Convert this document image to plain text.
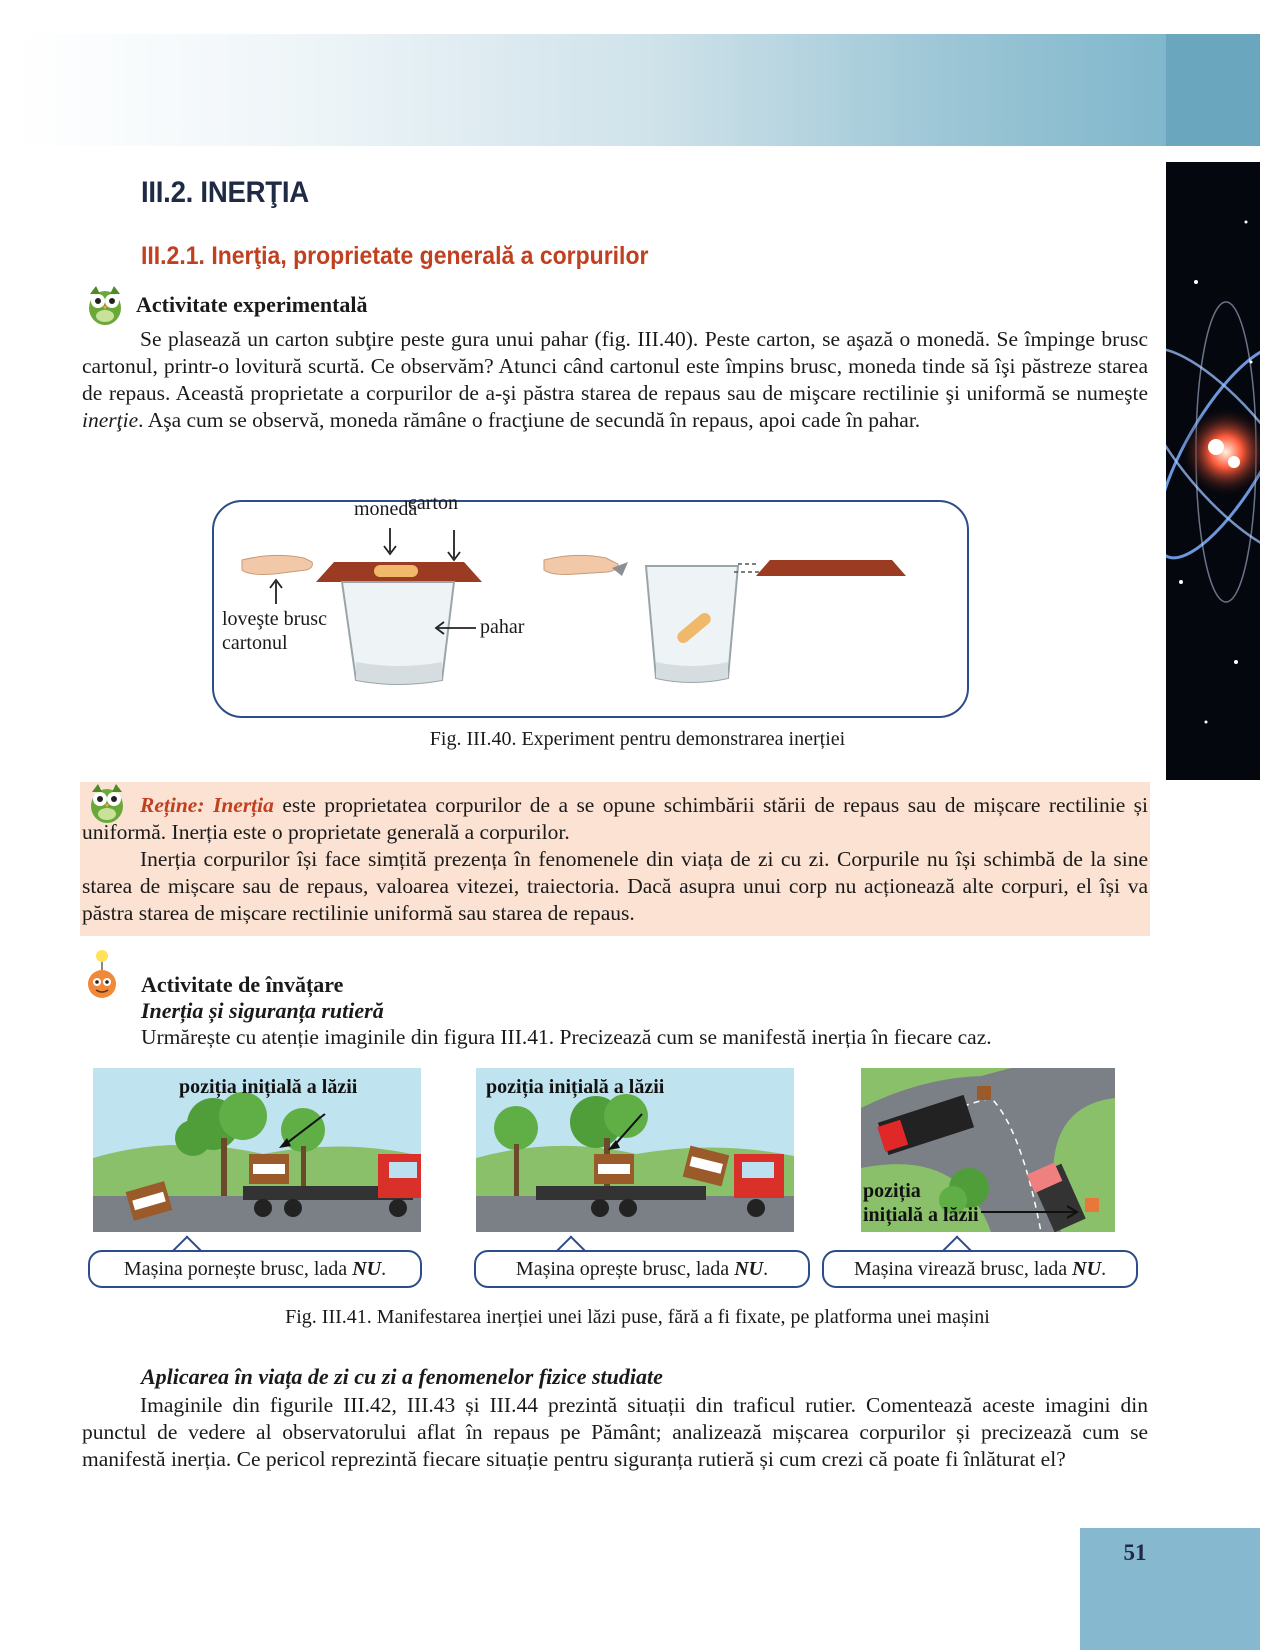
III.2. INERŢIA
III.2.1. Inerţia, proprietate generală a corpurilor
Activitate experimentală
Se plasează un carton subţire peste gura unui pahar (fig. III.40). Peste carton, se aşază o monedă. Se împinge brusc cartonul, printr-o lovitură scurtă. Ce observăm? Atunci când cartonul este împins brusc, moneda tinde să îşi păstreze starea de repaus. Această proprietate a corpurilor de a-şi păstra starea de repaus sau de mişcare rectilinie şi uniformă se numeşte inerţie. Aşa cum se observă, moneda rămâne o fracţiune de secundă în repaus, apoi cade în pahar.
monedă
carton
loveşte brusc
cartonul
pahar
Fig. III.40. Experiment pentru demonstrarea inerției
Reține: Inerția este proprietatea corpurilor de a se opune schimbării stării de repaus sau de mișcare rectilinie și uniformă. Inerția este o proprietate generală a corpurilor.
Inerția corpurilor își face simțită prezența în fenomenele din viața de zi cu zi. Corpurile nu își schimbă de la sine starea de mișcare sau de repaus, valoarea vitezei, traiectoria. Dacă asupra unui corp nu acționează alte corpuri, el își va păstra starea de mișcare rectilinie uniformă sau starea de repaus.
Activitate de învățare
Inerția și siguranța rutieră
Urmărește cu atenție imaginile din figura III.41. Precizează cum se manifestă inerția în fiecare caz.
poziția inițială a lăzii	poziția inițială a lăzii
poziția
inițială a lăzii
Mașina pornește brusc, lada NU.	Mașina oprește brusc, lada NU.	Mașina virează brusc, lada NU.
Fig. III.41. Manifestarea inerției unei lăzi puse, fără a fi fixate, pe platforma unei mașini
Aplicarea în viața de zi cu zi a fenomenelor fizice studiate
Imaginile din figurile III.42, III.43 și III.44 prezintă situații din traficul rutier. Comentează aceste imagini din punctul de vedere al observatorului aflat în repaus pe Pământ; analizează mișcarea corpurilor și precizează cum se manifestă inerția. Ce pericol reprezintă fiecare situație pentru siguranța rutieră și cum crezi că poate fi înlăturat el?
51
